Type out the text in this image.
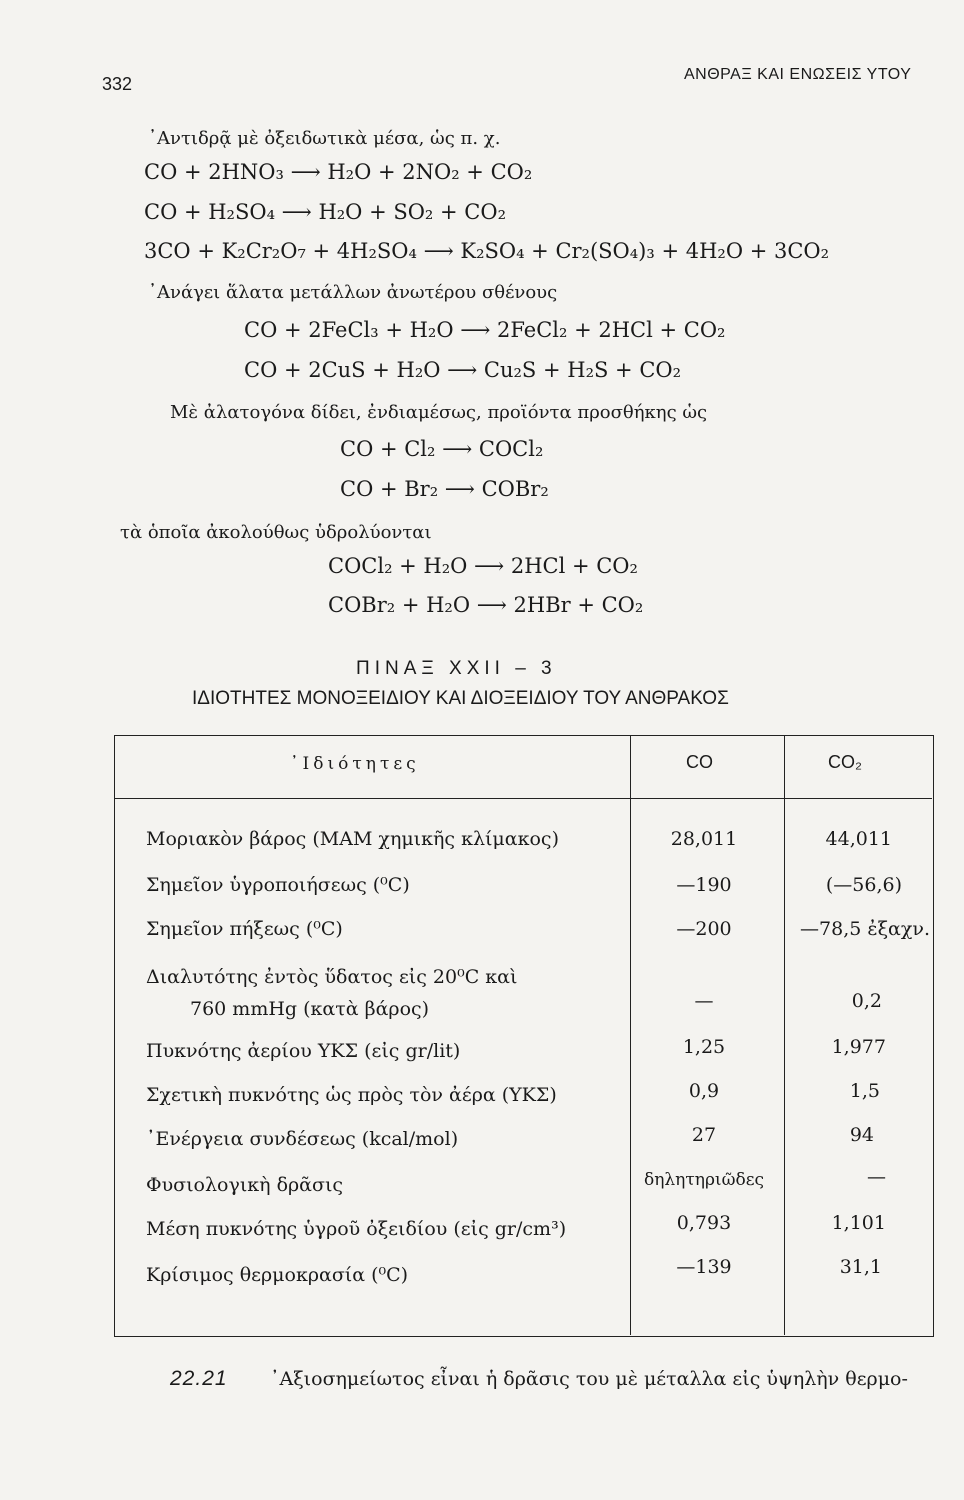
332	ΑΝΘΡΑΞ ΚΑΙ ΕΝΩΣΕΙΣ ΥΤΟΥ
᾿Αντιδρᾷ μὲ ὀξειδωτικὰ μέσα, ὡς π. χ.
CO + 2HNO₃ ⟶ H₂O + 2NO₂ + CO₂
CO + H₂SO₄ ⟶ H₂O + SO₂ + CO₂
3CO + K₂Cr₂O₇ + 4H₂SO₄ ⟶ K₂SO₄ + Cr₂(SO₄)₃ + 4H₂O + 3CO₂
᾿Ανάγει ἅλατα μετάλλων ἀνωτέρου σθένους
CO + 2FeCl₃ + H₂O ⟶ 2FeCl₂ + 2HCl + CO₂
CO + 2CuS + H₂O ⟶ Cu₂S + H₂S + CO₂
Μὲ ἀλατογόνα δίδει, ἐνδιαμέσως, προϊόντα προσθήκης ὡς
CO + Cl₂ ⟶ COCl₂
CO + Br₂ ⟶ COBr₂
τὰ ὁποῖα ἀκολούθως ὑδρολύονται
COCl₂ + H₂O ⟶ 2HCl + CO₂
COBr₂ + H₂O ⟶ 2HBr + CO₂
ΠΙΝΑΞ XXII – 3
ΙΔΙΟΤΗΤΕΣ ΜΟΝΟΞΕΙΔΙΟΥ ΚΑΙ ΔΙΟΞΕΙΔΙΟΥ ΤΟΥ ΑΝΘΡΑΚΟΣ
᾿Ιδιότητες	CO	CO₂
Μοριακὸν βάρος (ΜΑΜ χημικῆς κλίμακος)	28,011	44,011
Σημεῖον ὑγροποιήσεως (⁰C)	—190	(—56,6)
Σημεῖον πήξεως (⁰C)	—200	—78,5 ἐξαχν.
Διαλυτότης ἐντὸς ὕδατος εἰς 20⁰C καὶ
760 mmHg (κατὰ βάρος)	—	0,2
Πυκνότης ἀερίου ΥΚΣ (εἰς gr/lit)	1,25	1,977
Σχετικὴ πυκνότης ὡς πρὸς τὸν ἀέρα (ΥΚΣ)	0,9	1,5
᾿Ενέργεια συνδέσεως (kcal/mol)	27	94
Φυσιολογικὴ δρᾶσις	δηλητηριῶδες	—
Μέση πυκνότης ὑγροῦ ὀξειδίου (εἰς gr/cm³)	0,793	1,101
Κρίσιμος θερμοκρασία (⁰C)	—139	31,1
22.21 ᾿Αξιοσημείωτος εἶναι ἡ δρᾶσις του μὲ μέταλλα εἰς ὑψηλὴν θερμο-
